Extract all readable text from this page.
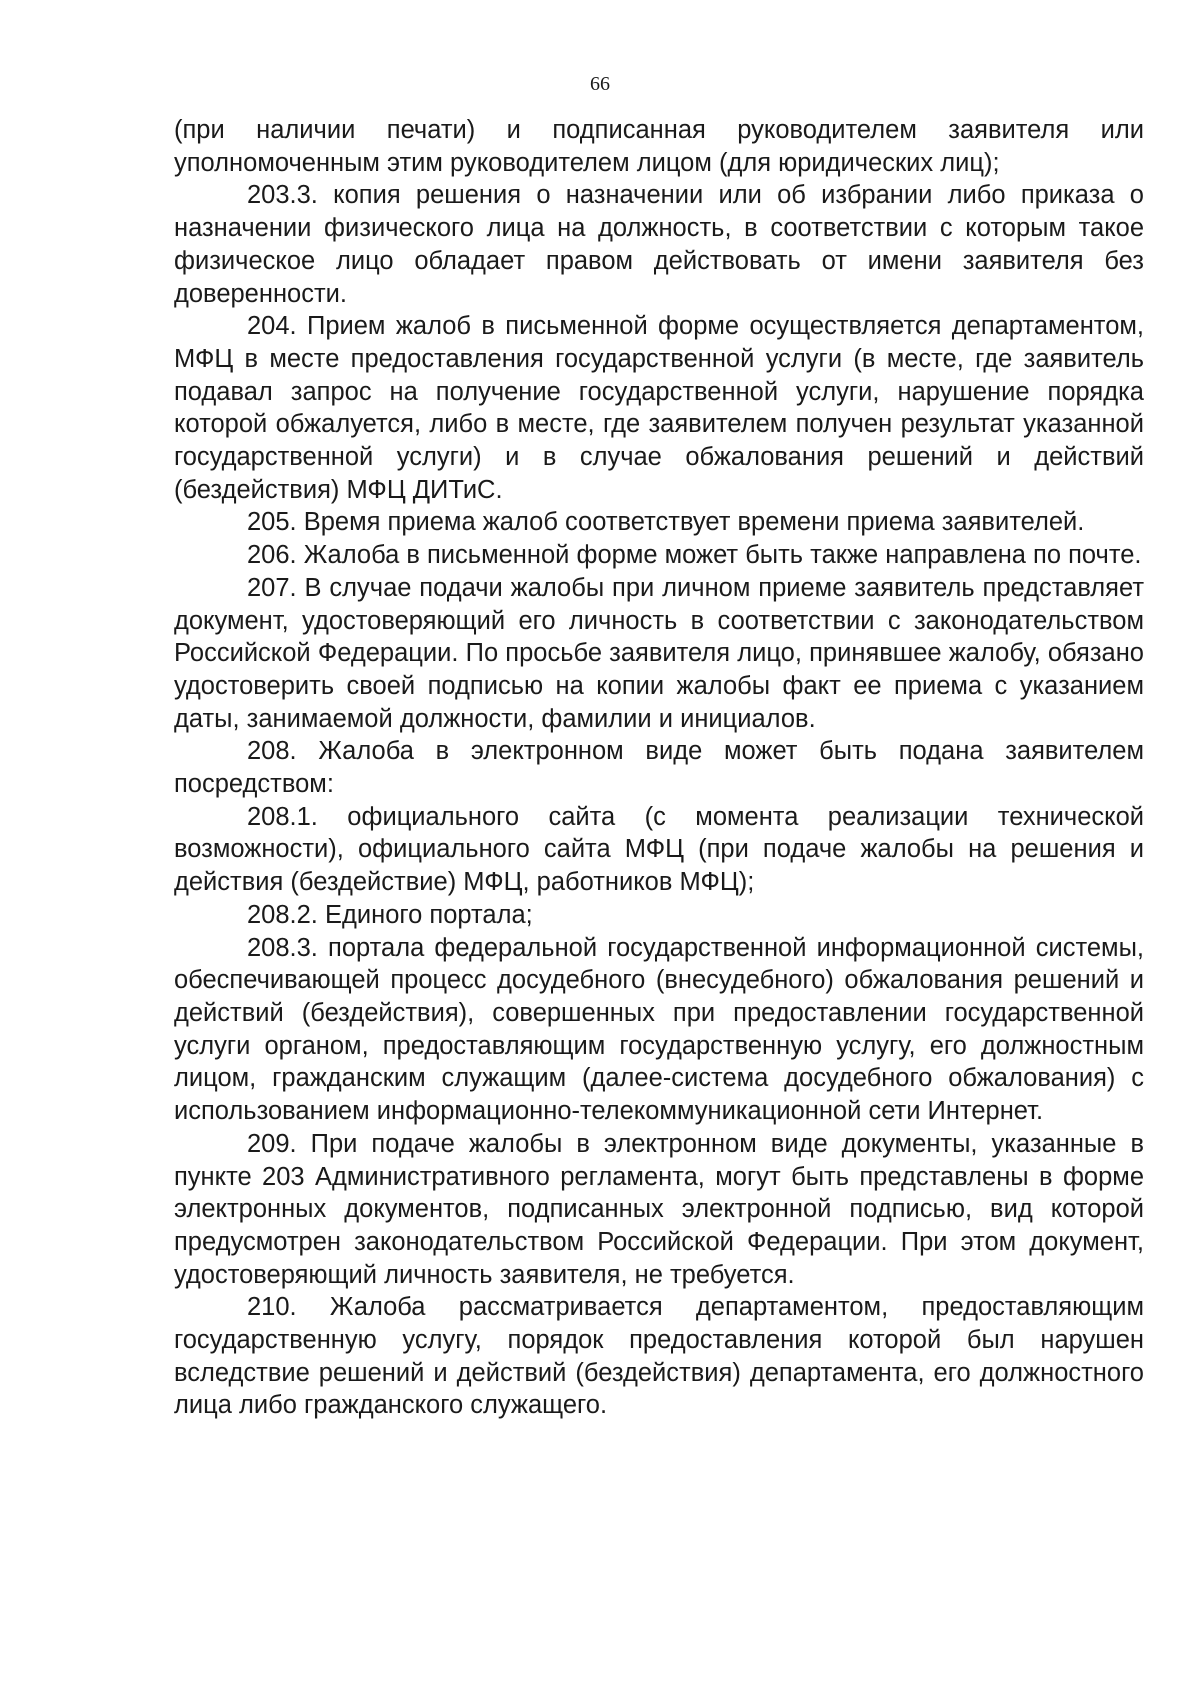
66

(при наличии печати) и подписанная руководителем заявителя или уполномоченным этим руководителем лицом (для юридических лиц);

203.3. копия решения о назначении или об избрании либо приказа о назначении физического лица на должность, в соответствии с которым такое физическое лицо обладает правом действовать от имени заявителя без доверенности.

204. Прием жалоб в письменной форме осуществляется департаментом, МФЦ в месте предоставления государственной услуги (в месте, где заявитель подавал запрос на получение государственной услуги, нарушение порядка которой обжалуется, либо в месте, где заявителем получен результат указанной государственной услуги) и в случае обжалования решений и действий (бездействия) МФЦ ДИТиС.

205. Время приема жалоб соответствует времени приема заявителей.

206. Жалоба в письменной форме может быть также направлена по почте.

207. В случае подачи жалобы при личном приеме заявитель представляет документ, удостоверяющий его личность в соответствии с законодательством Российской Федерации. По просьбе заявителя лицо, принявшее жалобу, обязано удостоверить своей подписью на копии жалобы факт ее приема с указанием даты, занимаемой должности, фамилии и инициалов.

208. Жалоба в электронном виде может быть подана заявителем посредством:

208.1. официального сайта (с момента реализации технической возможности), официального сайта МФЦ (при подаче жалобы на решения и действия (бездействие) МФЦ, работников МФЦ);

208.2. Единого портала;

208.3. портала федеральной государственной информационной системы, обеспечивающей процесс досудебного (внесудебного) обжалования решений и действий (бездействия), совершенных при предоставлении государственной услуги органом, предоставляющим государственную услугу, его должностным лицом, гражданским служащим (далее-система досудебного обжалования) с использованием информационно-телекоммуникационной сети Интернет.

209. При подаче жалобы в электронном виде документы, указанные в пункте 203 Административного регламента, могут быть представлены в форме электронных документов, подписанных электронной подписью, вид которой предусмотрен законодательством Российской Федерации. При этом документ, удостоверяющий личность заявителя, не требуется.

210. Жалоба рассматривается департаментом, предоставляющим государственную услугу, порядок предоставления которой был нарушен вследствие решений и действий (бездействия) департамента, его должностного лица либо гражданского служащего.
